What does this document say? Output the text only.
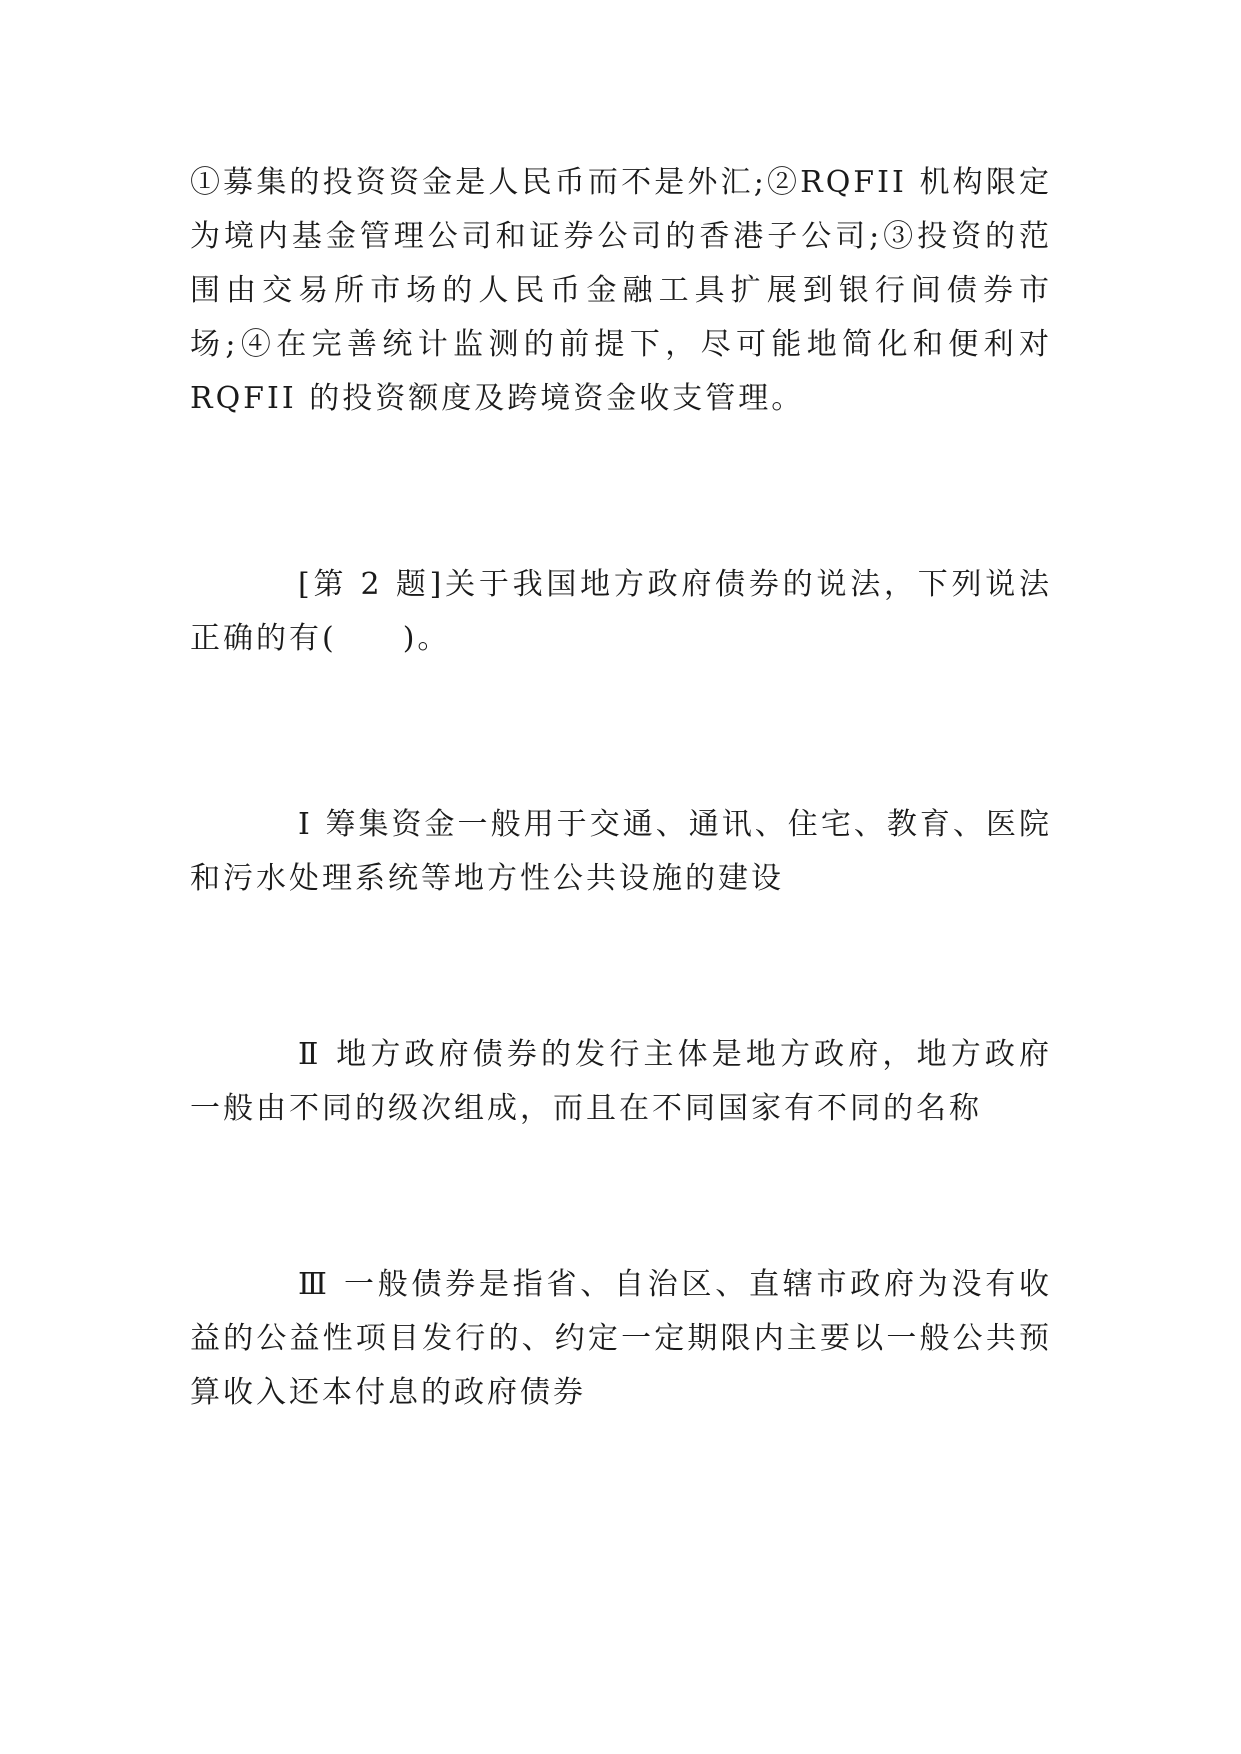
①募集的投资资金是人民币而不是外汇;②RQFII 机构限定为境内基金管理公司和证券公司的香港子公司;③投资的范围由交易所市场的人民币金融工具扩展到银行间债券市场;④在完善统计监测的前提下，尽可能地简化和便利对 RQFII 的投资额度及跨境资金收支管理。

[第 2 题]关于我国地方政府债券的说法，下列说法正确的有(　　)。

Ⅰ 筹集资金一般用于交通、通讯、住宅、教育、医院和污水处理系统等地方性公共设施的建设

Ⅱ 地方政府债券的发行主体是地方政府，地方政府一般由不同的级次组成，而且在不同国家有不同的名称

Ⅲ 一般债券是指省、自治区、直辖市政府为没有收益的公益性项目发行的、约定一定期限内主要以一般公共预算收入还本付息的政府债券
